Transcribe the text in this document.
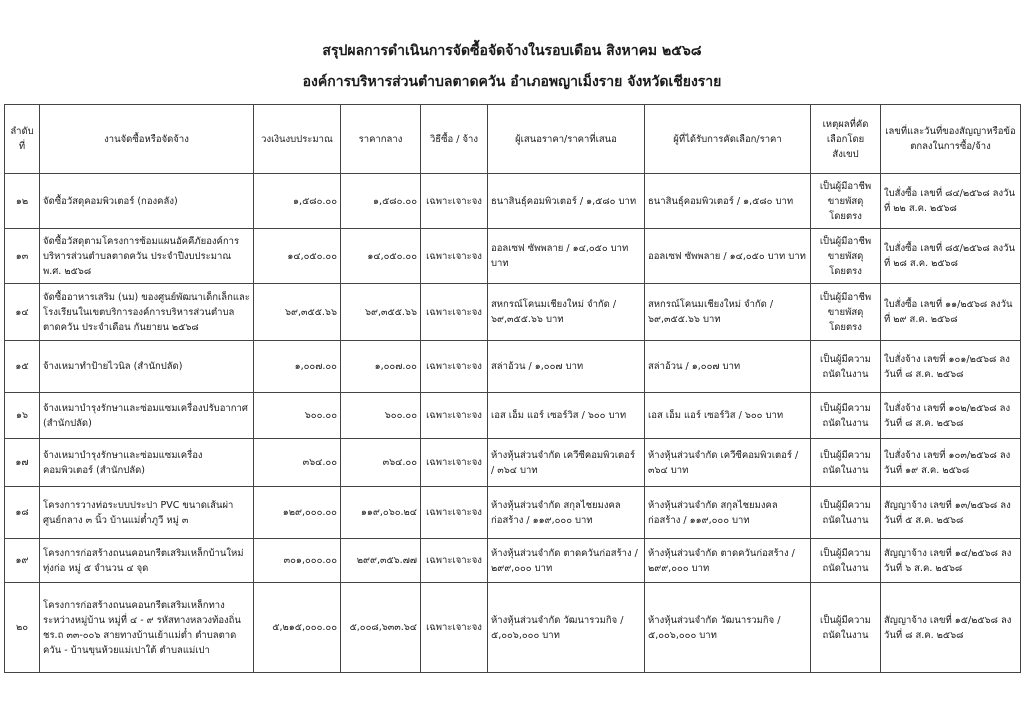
สรุปผลการดำเนินการจัดซื้อจัดจ้างในรอบเดือน สิงหาคม ๒๕๖๘
องค์การบริหารส่วนตำบลตาดควัน อำเภอพญาเม็งราย จังหวัดเชียงราย
ลำดับที่	งานจัดซื้อหรือจัดจ้าง	วงเงินงบประมาณ	ราคากลาง	วิธีซื้อ / จ้าง	ผู้เสนอราคา/ราคาที่เสนอ	ผู้ที่ได้รับการคัดเลือก/ราคา	เหตุผลที่คัดเลือกโดยสังเขป	เลขที่และวันที่ของสัญญาหรือข้อตกลงในการซื้อ/จ้าง
๑๒	จัดซื้อวัสดุคอมพิวเตอร์ (กองคลัง)	๑,๕๘๐.๐๐	๑,๕๘๐.๐๐	เฉพาะเจาะจง	ธนาสินธุ์คอมพิวเตอร์ / ๑,๕๘๐ บาท	ธนาสินธุ์คอมพิวเตอร์ / ๑,๕๘๐ บาท	เป็นผู้มีอาชีพขายพัสดุโดยตรง	ใบสั่งซื้อ เลขที่ ๘๔/๒๕๖๘ ลงวันที่ ๒๒ ส.ค. ๒๕๖๘
๑๓	จัดซื้อวัสดุตามโครงการซ้อมแผนอัคคีภัยองค์การบริหารส่วนตำบลตาดควัน ประจำปีงบประมาณ พ.ศ. ๒๕๖๘	๑๔,๐๕๐.๐๐	๑๔,๐๕๐.๐๐	เฉพาะเจาะจง	ออลเซฟ ซัพพลาย / ๑๔,๐๕๐ บาท บาท	ออลเซฟ ซัพพลาย / ๑๔,๐๕๐ บาท บาท	เป็นผู้มีอาชีพขายพัสดุโดยตรง	ใบสั่งซื้อ เลขที่ ๘๕/๒๕๖๘ ลงวันที่ ๒๘ ส.ค. ๒๕๖๘
๑๔	จัดซื้ออาหารเสริม (นม) ของศูนย์พัฒนาเด็กเล็กและโรงเรียนในเขตบริการองค์การบริหารส่วนตำบลตาดควัน ประจำเดือน กันยายน ๒๕๖๘	๖๙,๓๕๕.๖๖	๖๙,๓๕๕.๖๖	เฉพาะเจาะจง	สหกรณ์โคนมเชียงใหม่ จำกัด / ๖๙,๓๕๕.๖๖ บาท	สหกรณ์โคนมเชียงใหม่ จำกัด / ๖๙,๓๕๕.๖๖ บาท	เป็นผู้มีอาชีพขายพัสดุโดยตรง	ใบสั่งซื้อ เลขที่ ๑๑/๒๕๖๘ ลงวันที่ ๒๙ ส.ค. ๒๕๖๘
๑๕	จ้างเหมาทำป้ายไวนิล (สำนักปลัด)	๑,๐๐๗.๐๐	๑,๐๐๗.๐๐	เฉพาะเจาะจง	สล่าอ้วน / ๑,๐๐๗ บาท	สล่าอ้วน / ๑,๐๐๗ บาท	เป็นผู้มีความถนัดในงาน	ใบสั่งจ้าง เลขที่ ๑๐๑/๒๕๖๘ ลงวันที่ ๘ ส.ค. ๒๕๖๘
๑๖	จ้างเหมาบำรุงรักษาและซ่อมแซมเครื่องปรับอากาศ (สำนักปลัด)	๖๐๐.๐๐	๖๐๐.๐๐	เฉพาะเจาะจง	เอส เอ็ม แอร์ เซอร์วิส / ๖๐๐ บาท	เอส เอ็ม แอร์ เซอร์วิส / ๖๐๐ บาท	เป็นผู้มีความถนัดในงาน	ใบสั่งจ้าง เลขที่ ๑๐๒/๒๕๖๘ ลงวันที่ ๘ ส.ค. ๒๕๖๘
๑๗	จ้างเหมาบำรุงรักษาและซ่อมแซมเครื่องคอมพิวเตอร์ (สำนักปลัด)	๓๖๔.๐๐	๓๖๔.๐๐	เฉพาะเจาะจง	ห้างหุ้นส่วนจำกัด เควีซีคอมพิวเตอร์ / ๓๖๔ บาท	ห้างหุ้นส่วนจำกัด เควีซีคอมพิวเตอร์ / ๓๖๔ บาท	เป็นผู้มีความถนัดในงาน	ใบสั่งจ้าง เลขที่ ๑๐๓/๒๕๖๘ ลงวันที่ ๑๙ ส.ค. ๒๕๖๘
๑๘	โครงการวางท่อระบบประปา PVC ขนาดเส้นผ่าศูนย์กลาง ๓ นิ้ว บ้านแม่ต๋ำภูวี หมู่ ๓	๑๒๙,๐๐๐.๐๐	๑๑๙,๐๖๐.๒๔	เฉพาะเจาะจง	ห้างหุ้นส่วนจำกัด สกุลไชยมงคลก่อสร้าง / ๑๑๙,๐๐๐ บาท	ห้างหุ้นส่วนจำกัด สกุลไชยมงคลก่อสร้าง / ๑๑๙,๐๐๐ บาท	เป็นผู้มีความถนัดในงาน	สัญญาจ้าง เลขที่ ๑๓/๒๕๖๘ ลงวันที่ ๕ ส.ค. ๒๕๖๘
๑๙	โครงการก่อสร้างถนนคอนกรีตเสริมเหล็กบ้านใหม่ทุ่งก่อ หมู่ ๕ จำนวน ๔ จุด	๓๐๑,๐๐๐.๐๐	๒๙๙,๓๕๖.๗๗	เฉพาะเจาะจง	ห้างหุ้นส่วนจำกัด ตาดควันก่อสร้าง / ๒๙๙,๐๐๐ บาท	ห้างหุ้นส่วนจำกัด ตาดควันก่อสร้าง / ๒๙๙,๐๐๐ บาท	เป็นผู้มีความถนัดในงาน	สัญญาจ้าง เลขที่ ๑๔/๒๕๖๘ ลงวันที่ ๖ ส.ค. ๒๕๖๘
๒๐	โครงการก่อสร้างถนนคอนกรีตเสริมเหล็กทางระหว่างหมู่บ้าน หมู่ที่ ๔ - ๙ รหัสทางหลวงท้องถิ่น ชร.ถ ๓๓-๐๐๖ สายทางบ้านเย้าแม่ต๋ำ ตำบลตาดควัน - บ้านขุนห้วยแม่เปาใต้ ตำบลแม่เปา	๕,๒๑๕,๐๐๐.๐๐	๕,๐๐๘,๖๓๓.๖๔	เฉพาะเจาะจง	ห้างหุ้นส่วนจำกัด วัฒนารวมกิจ / ๕,๐๐๖,๐๐๐ บาท	ห้างหุ้นส่วนจำกัด วัฒนารวมกิจ / ๕,๐๐๖,๐๐๐ บาท	เป็นผู้มีความถนัดในงาน	สัญญาจ้าง เลขที่ ๑๕/๒๕๖๘ ลงวันที่ ๘ ส.ค. ๒๕๖๘
